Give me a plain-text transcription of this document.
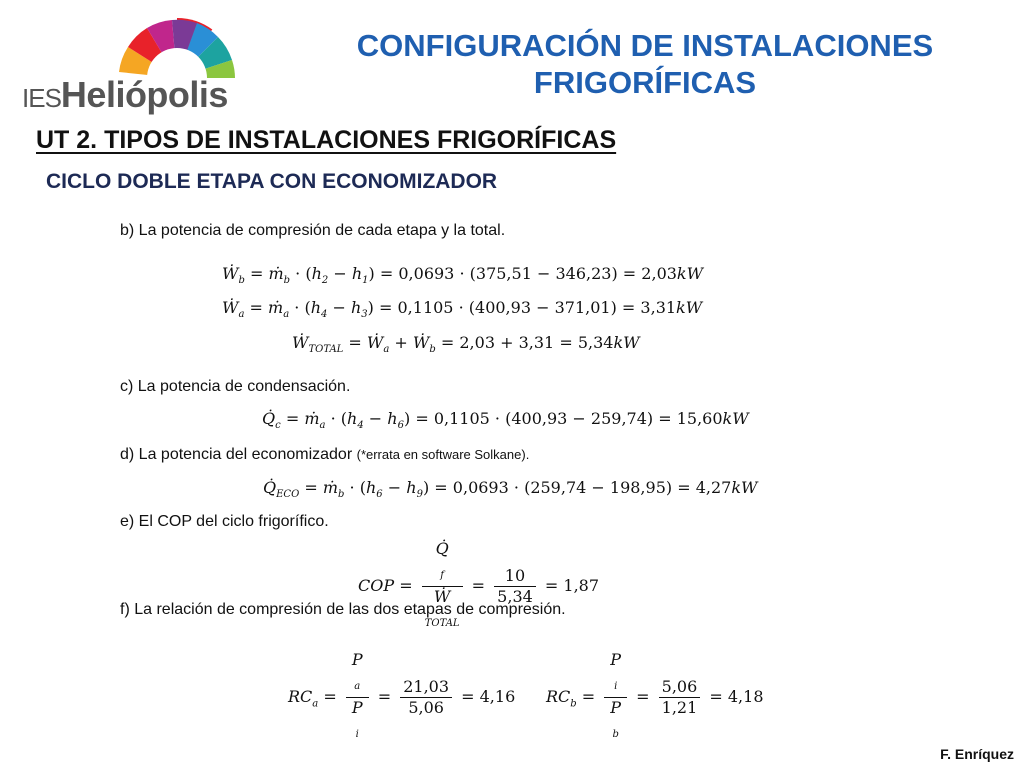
IESHeliópolis
CONFIGURACIÓN DE INSTALACIONES
FRIGORÍFICAS
UT 2. TIPOS DE INSTALACIONES FRIGORÍFICAS
CICLO DOBLE ETAPA CON ECONOMIZADOR
b) La potencia de compresión de cada etapa y la total.
Ẇ$_b$ = ṁ$_b$ · $(h_2 - h_1) = 0,0693 \cdot (375,51 - 346,23) = 2,03kW$
Ẇ$_a$ = ṁ$_a$ · $(h_4 - h_3) = 0,1105 \cdot (400,93 - 371,01) = 3,31kW$
Ẇ$_{TOTAL}$ = Ẇ$_a$ + Ẇ$_b$ = 2,03 + 3,31 = 5,34kW
c) La potencia de condensación.
$Q̇_c$ = ṁ$_a$ · $(h_4 - h_6) = 0,1105 \cdot (400,93 - 259,74) = 15,60kW$
d) La potencia del economizador (*errata en software Solkane).
$Q̇_{ECO}$ = ṁ$_b$ · $(h_6 - h_9) = 0,0693 \cdot (259,74 - 198,95) = 4,27kW$
e) El COP del ciclo frigorífico.
COP = Q̇
$_f$
Ẇ
$_{TOTAL} = \frac{10}{5,34} = 1,87$
f) La relación de compresión de las dos etapas de compresión.
$RC_a = P$
$_a$
P
$_i = \frac{21,03}{5,06} = 4,16$ $RC_b = P$
$_i$
P
$_b = \frac{5,06}{1,21} = 4,18$
F. Enríquez
